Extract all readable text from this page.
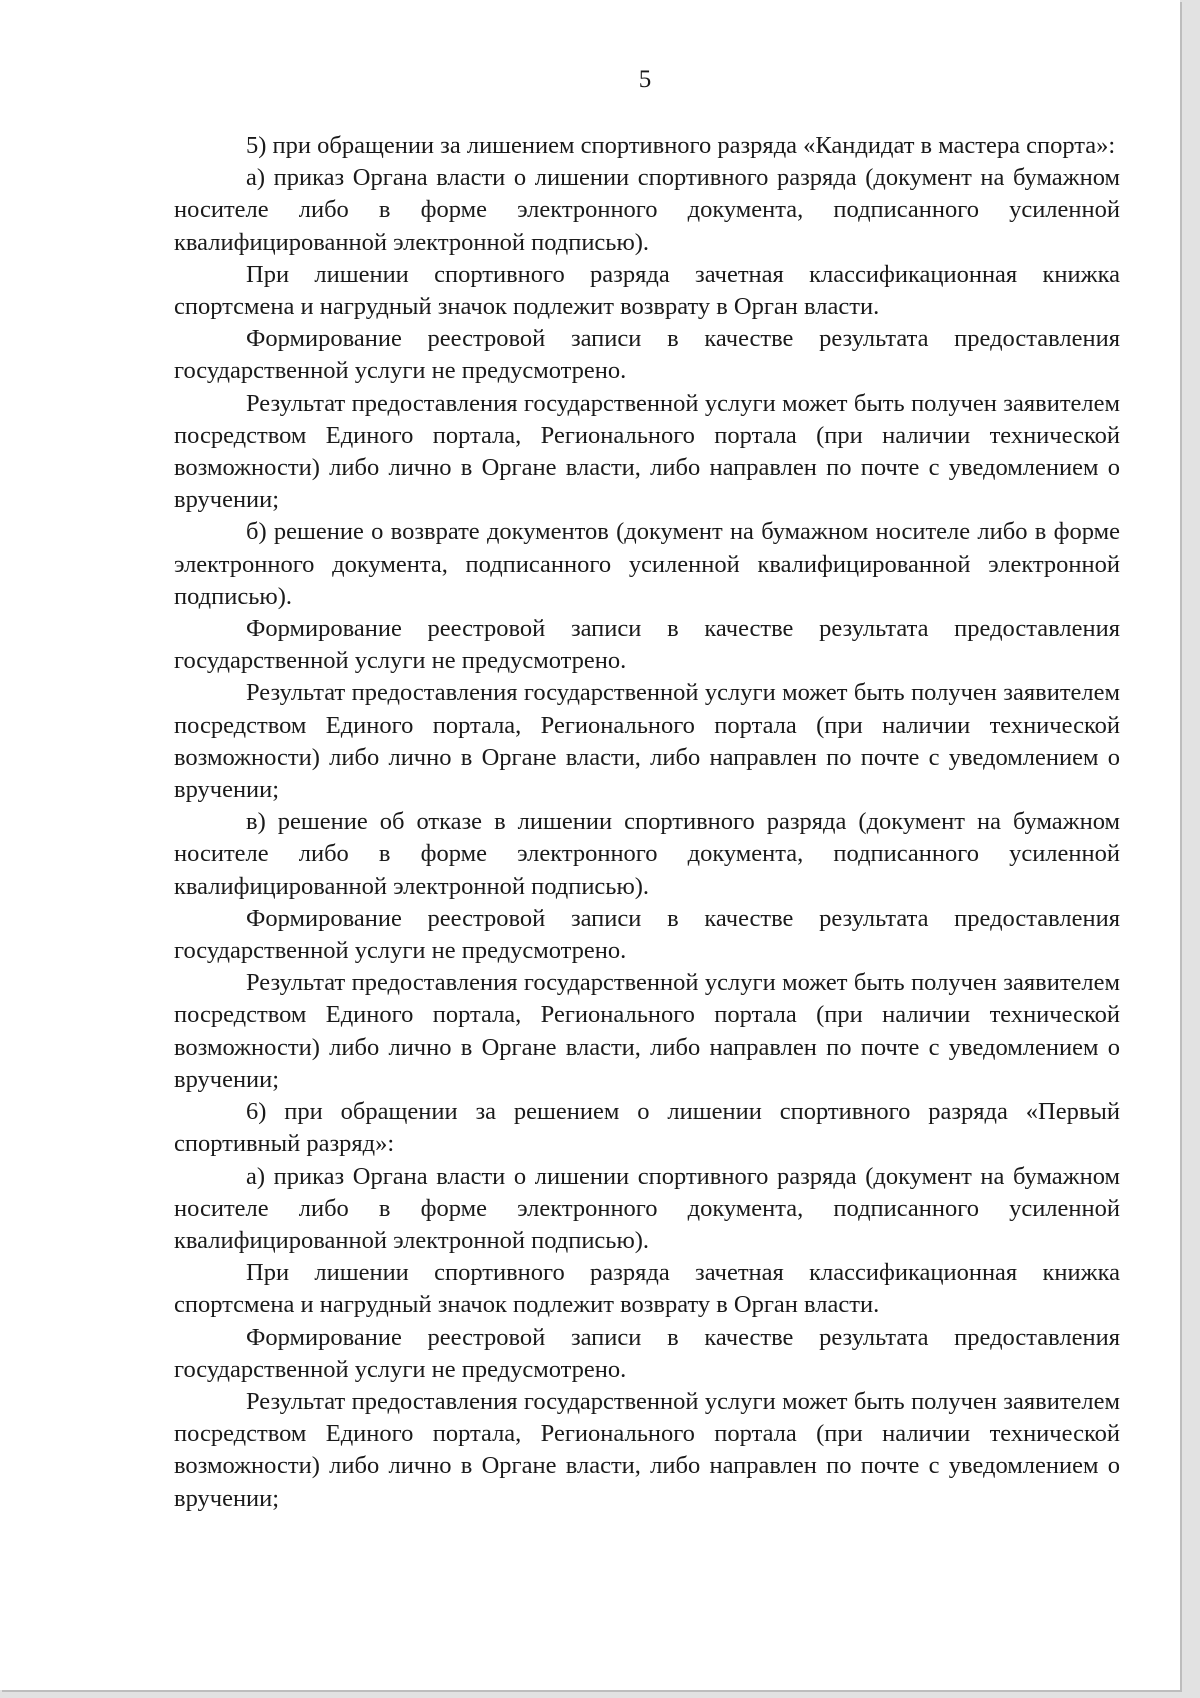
5

5) при обращении за лишением спортивного разряда «Кандидат в мастера спорта»:

а) приказ Органа власти о лишении спортивного разряда (документ на бумажном носителе либо в форме электронного документа, подписанного усиленной квалифицированной электронной подписью).

При лишении спортивного разряда зачетная классификационная книжка спортсмена и нагрудный значок подлежит возврату в Орган власти.

Формирование реестровой записи в качестве результата предоставления государственной услуги не предусмотрено.

Результат предоставления государственной услуги может быть получен заявителем посредством Единого портала, Регионального портала (при наличии технической возможности) либо лично в Органе власти, либо направлен по почте с уведомлением о вручении;

б) решение о возврате документов (документ на бумажном носителе либо в форме электронного документа, подписанного усиленной квалифицированной электронной подписью).

Формирование реестровой записи в качестве результата предоставления государственной услуги не предусмотрено.

Результат предоставления государственной услуги может быть получен заявителем посредством Единого портала, Регионального портала (при наличии технической возможности) либо лично в Органе власти, либо направлен по почте с уведомлением о вручении;

в) решение об отказе в лишении спортивного разряда (документ на бумажном носителе либо в форме электронного документа, подписанного усиленной квалифицированной электронной подписью).

Формирование реестровой записи в качестве результата предоставления государственной услуги не предусмотрено.

Результат предоставления государственной услуги может быть получен заявителем посредством Единого портала, Регионального портала (при наличии технической возможности) либо лично в Органе власти, либо направлен по почте с уведомлением о вручении;

6) при обращении за решением о лишении спортивного разряда «Первый спортивный разряд»:

а) приказ Органа власти о лишении спортивного разряда (документ на бумажном носителе либо в форме электронного документа, подписанного усиленной квалифицированной электронной подписью).

При лишении спортивного разряда зачетная классификационная книжка спортсмена и нагрудный значок подлежит возврату в Орган власти.

Формирование реестровой записи в качестве результата предоставления государственной услуги не предусмотрено.

Результат предоставления государственной услуги может быть получен заявителем посредством Единого портала, Регионального портала (при наличии технической возможности) либо лично в Органе власти, либо направлен по почте с уведомлением о вручении;
